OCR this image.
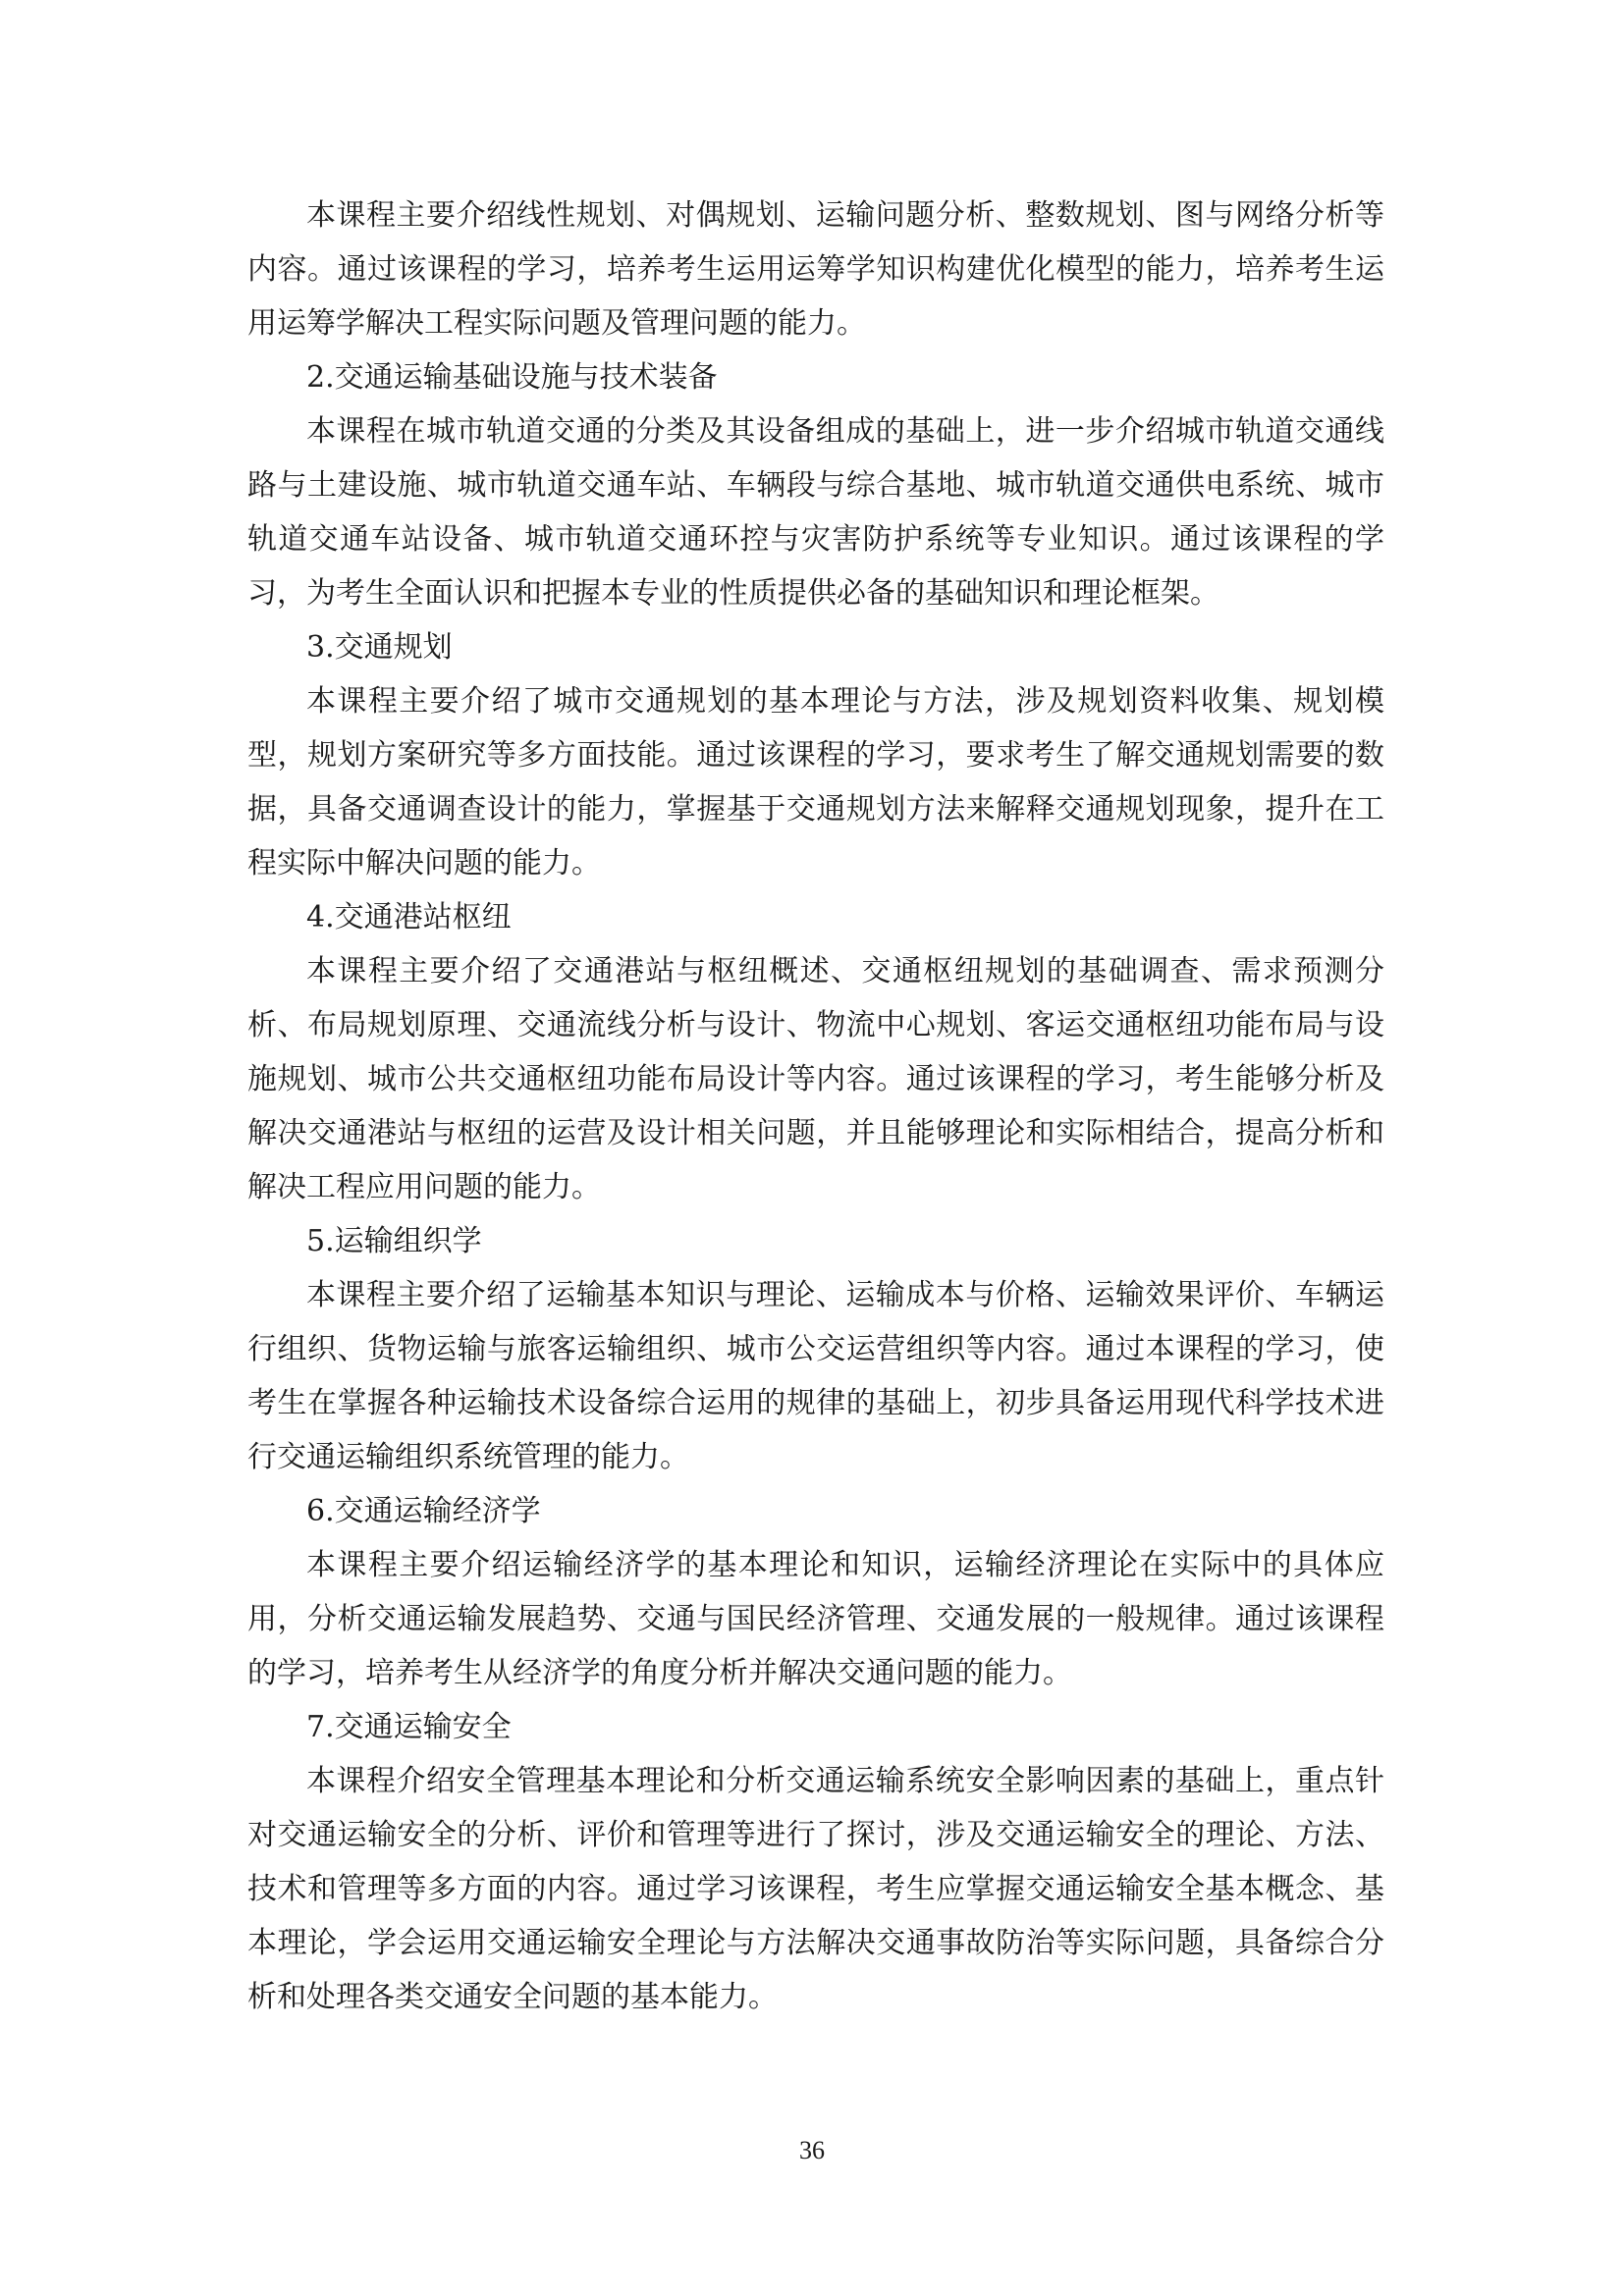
本课程主要介绍线性规划、对偶规划、运输问题分析、整数规划、图与网络分析等内容。通过该课程的学习，培养考生运用运筹学知识构建优化模型的能力，培养考生运用运筹学解决工程实际问题及管理问题的能力。

2.交通运输基础设施与技术装备

本课程在城市轨道交通的分类及其设备组成的基础上，进一步介绍城市轨道交通线路与土建设施、城市轨道交通车站、车辆段与综合基地、城市轨道交通供电系统、城市轨道交通车站设备、城市轨道交通环控与灾害防护系统等专业知识。通过该课程的学习，为考生全面认识和把握本专业的性质提供必备的基础知识和理论框架。

3.交通规划

本课程主要介绍了城市交通规划的基本理论与方法，涉及规划资料收集、规划模型，规划方案研究等多方面技能。通过该课程的学习，要求考生了解交通规划需要的数据，具备交通调查设计的能力，掌握基于交通规划方法来解释交通规划现象，提升在工程实际中解决问题的能力。

4.交通港站枢纽

本课程主要介绍了交通港站与枢纽概述、交通枢纽规划的基础调查、需求预测分析、布局规划原理、交通流线分析与设计、物流中心规划、客运交通枢纽功能布局与设施规划、城市公共交通枢纽功能布局设计等内容。通过该课程的学习，考生能够分析及解决交通港站与枢纽的运营及设计相关问题，并且能够理论和实际相结合，提高分析和解决工程应用问题的能力。

5.运输组织学

本课程主要介绍了运输基本知识与理论、运输成本与价格、运输效果评价、车辆运行组织、货物运输与旅客运输组织、城市公交运营组织等内容。通过本课程的学习，使考生在掌握各种运输技术设备综合运用的规律的基础上，初步具备运用现代科学技术进行交通运输组织系统管理的能力。

6.交通运输经济学

本课程主要介绍运输经济学的基本理论和知识，运输经济理论在实际中的具体应用，分析交通运输发展趋势、交通与国民经济管理、交通发展的一般规律。通过该课程的学习，培养考生从经济学的角度分析并解决交通问题的能力。

7.交通运输安全

本课程介绍安全管理基本理论和分析交通运输系统安全影响因素的基础上，重点针对交通运输安全的分析、评价和管理等进行了探讨，涉及交通运输安全的理论、方法、技术和管理等多方面的内容。通过学习该课程，考生应掌握交通运输安全基本概念、基本理论，学会运用交通运输安全理论与方法解决交通事故防治等实际问题，具备综合分析和处理各类交通安全问题的基本能力。

36
